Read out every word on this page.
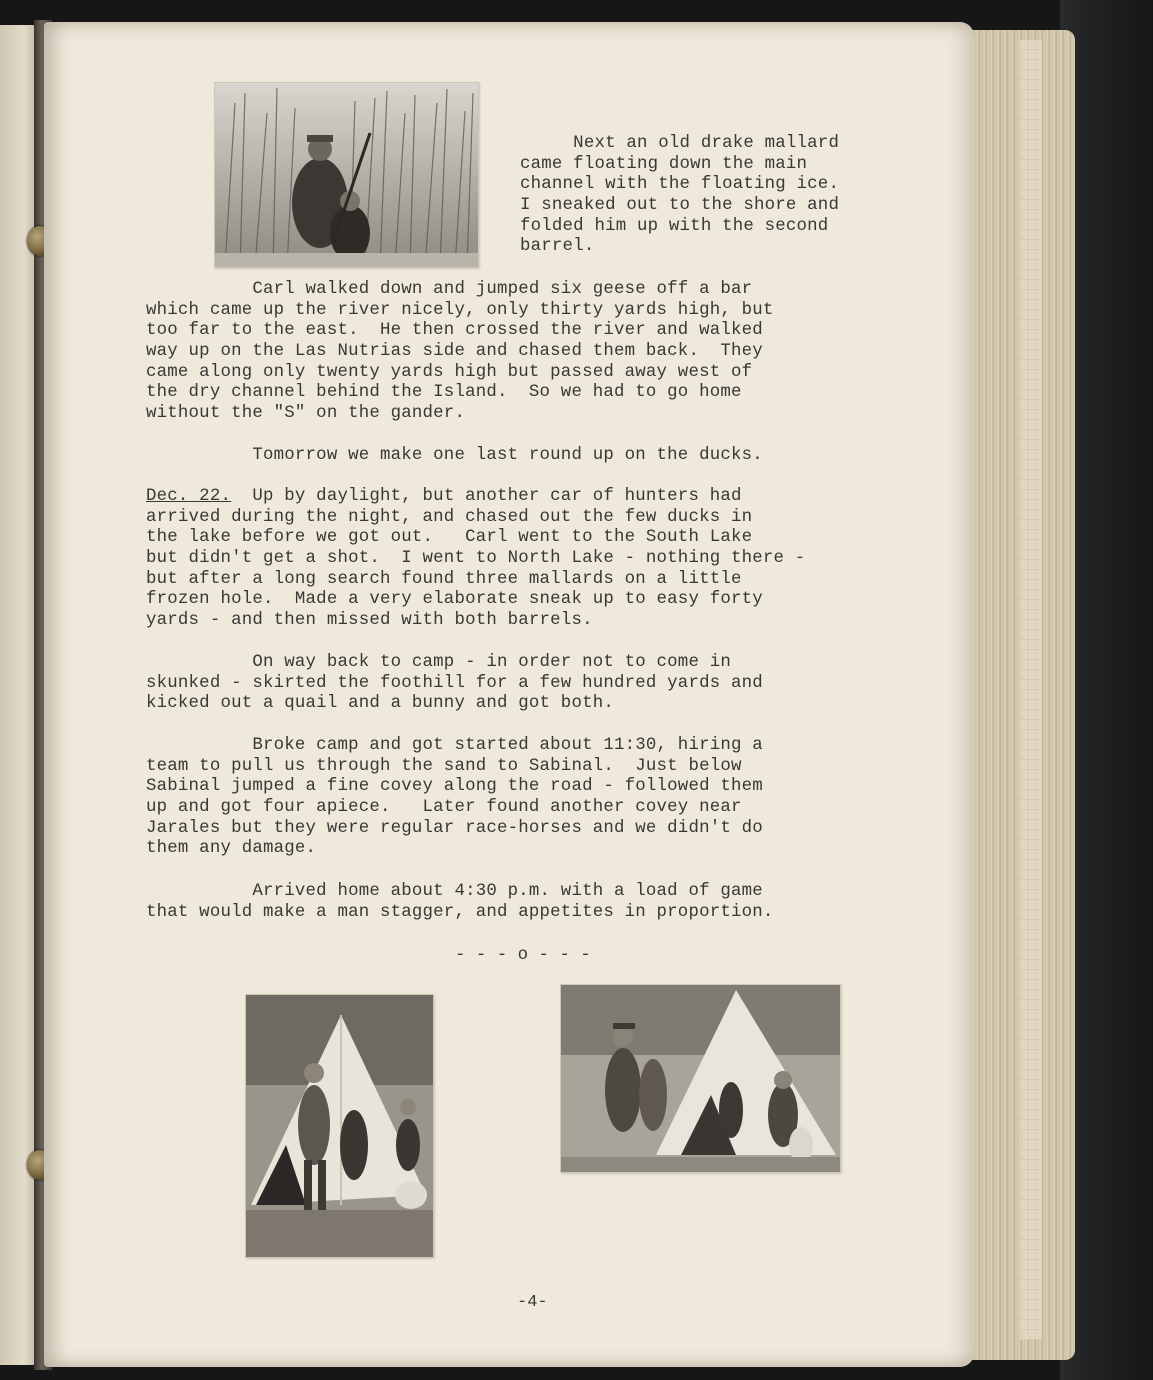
Next an old drake mallard
came floating down the main
channel with the floating ice.
I sneaked out to the shore and
folded him up with the second
barrel.
Carl walked down and jumped six geese off a bar
which came up the river nicely, only thirty yards high, but
too far to the east.  He then crossed the river and walked
way up on the Las Nutrias side and chased them back.  They
came along only twenty yards high but passed away west of
the dry channel behind the Island.  So we had to go home
without the "S" on the gander.
Tomorrow we make one last round up on the ducks.
Dec. 22.  Up by daylight, but another car of hunters had
arrived during the night, and chased out the few ducks in
the lake before we got out.   Carl went to the South Lake
but didn't get a shot.  I went to North Lake - nothing there -
but after a long search found three mallards on a little
frozen hole.  Made a very elaborate sneak up to easy forty
yards - and then missed with both barrels.
On way back to camp - in order not to come in
skunked - skirted the foothill for a few hundred yards and
kicked out a quail and a bunny and got both.
Broke camp and got started about 11:30, hiring a
team to pull us through the sand to Sabinal.  Just below
Sabinal jumped a fine covey along the road - followed them
up and got four apiece.   Later found another covey near
Jarales but they were regular race-horses and we didn't do
them any damage.
Arrived home about 4:30 p.m. with a load of game
that would make a man stagger, and appetites in proportion.
- - - o - - -
-4-
